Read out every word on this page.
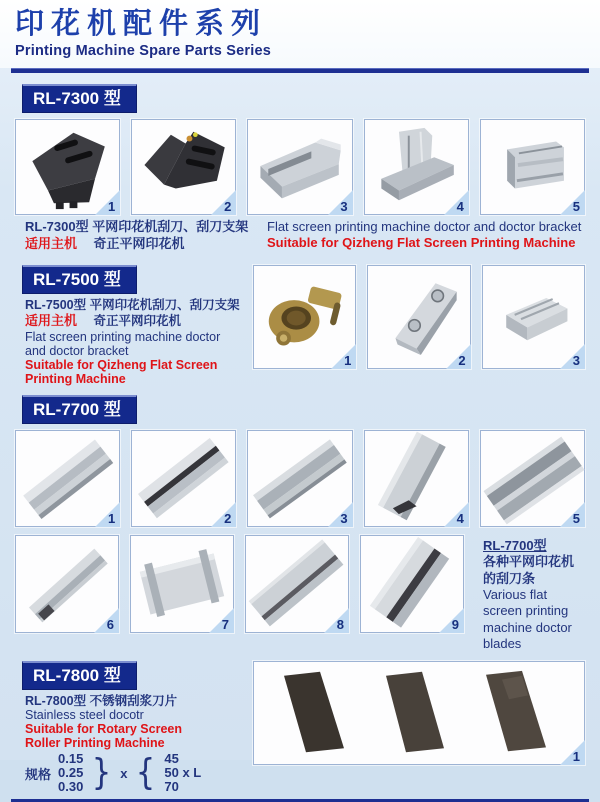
印花机配件系列
Printing Machine Spare Parts Series
RL-7300 型
1	2	3	4	5
RL-7300型 平网印花机刮刀、刮刀支架
适用主机 奇正平网印花机
Flat screen printing machine doctor and doctor bracket
Suitable for Qizheng Flat Screen Printing Machine
RL-7500 型
RL-7500型 平网印花机刮刀、刮刀支架
适用主机 奇正平网印花机
Flat screen printing machine doctor
and doctor bracket
Suitable for Qizheng Flat Screen
Printing Machine
1	2	3
RL-7700 型
1	2	3	4	5
6	7	8	9
RL-7700型
各种平网印花机
的刮刀条
Various flat
screen printing
machine doctor
blades
RL-7800 型
RL-7800型 不锈钢刮浆刀片
Stainless steel docotr
Suitable for Rotary Screen
Roller Printing Machine
规格
0.15
0.25
0.30 } x { 45
50 x L
70
1
